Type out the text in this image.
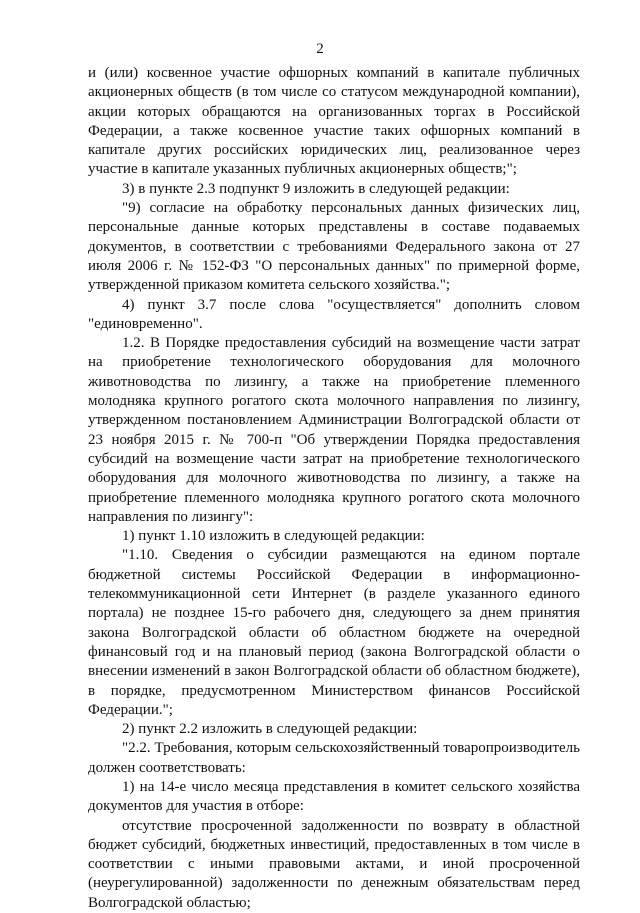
2

и (или) косвенное участие офшорных компаний в капитале публичных акционерных обществ (в том числе со статусом международной компании), акции которых обращаются на организованных торгах в Российской Федерации, а также косвенное участие таких офшорных компаний в капитале других российских юридических лиц, реализованное через участие в капитале указанных публичных акционерных обществ;";

3) в пункте 2.3 подпункт 9 изложить в следующей редакции:

"9) согласие на обработку персональных данных физических лиц, персональные данные которых представлены в составе подаваемых документов, в соответствии с требованиями Федерального закона от 27 июля 2006 г. № 152-ФЗ "О персональных данных" по примерной форме, утвержденной приказом комитета сельского хозяйства.";

4) пункт 3.7 после слова "осуществляется" дополнить словом "единовременно".

1.2. В Порядке предоставления субсидий на возмещение части затрат на приобретение технологического оборудования для молочного животноводства по лизингу, а также на приобретение племенного молодняка крупного рогатого скота молочного направления по лизингу, утвержденном постановлением Администрации Волгоградской области от 23 ноября 2015 г. № 700-п "Об утверждении Порядка предоставления субсидий на возмещение части затрат на приобретение технологического оборудования для молочного животноводства по лизингу, а также на приобретение племенного молодняка крупного рогатого скота молочного направления по лизингу":

1) пункт 1.10 изложить в следующей редакции:

"1.10. Сведения о субсидии размещаются на едином портале бюджетной системы Российской Федерации в информационно-телекоммуникационной сети Интернет (в разделе указанного единого портала) не позднее 15-го рабочего дня, следующего за днем принятия закона Волгоградской области об областном бюджете на очередной финансовый год и на плановый период (закона Волгоградской области о внесении изменений в закон Волгоградской области об областном бюджете), в порядке, предусмотренном Министерством финансов Российской Федерации.";

2) пункт 2.2 изложить в следующей редакции:

"2.2. Требования, которым сельскохозяйственный товаропроизводитель должен соответствовать:

1) на 14-е число месяца представления в комитет сельского хозяйства документов для участия в отборе:

отсутствие просроченной задолженности по возврату в областной бюджет субсидий, бюджетных инвестиций, предоставленных в том числе в соответствии с иными правовыми актами, и иной просроченной (неурегулированной) задолженности по денежным обязательствам перед Волгоградской областью;
